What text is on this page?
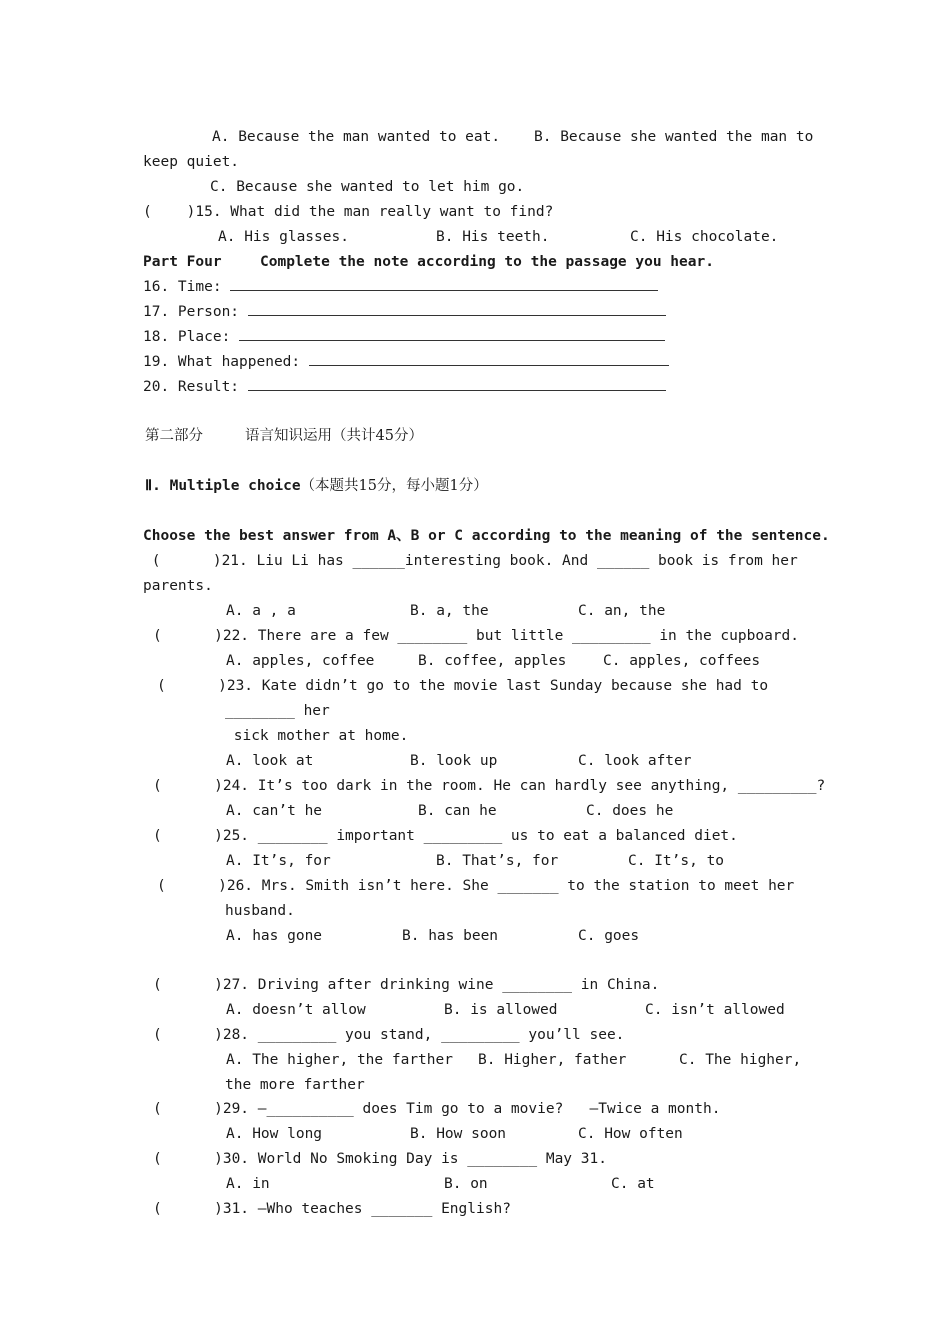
A. Because the man wanted to eat. B. Because she wanted the man to
keep quiet.
C. Because she wanted to let him go.
(    )15. What did the man really want to find?
A. His glasses.	B. His teeth.	C. His chocolate.
Part Four	Complete the note according to the passage you hear.
16. Time:
17. Person:
18. Place:
19. What happened:
20. Result:
第二部分	语言知识运用（共计45分）
Ⅱ. Multiple choice（本题共15分，每小题1分）
Choose the best answer from A、B or C according to the meaning of the sentence.
(      )21. Liu Li has ______interesting book. And ______ book is from her
parents.
A. a , a	B. a, the	C. an, the
(      )22. There are a few ________ but little _________ in the cupboard.
A. apples, coffee	B. coffee, apples	C. apples, coffees
(      )23. Kate didn’t go to the movie last Sunday because she had to
________ her
sick mother at home.
A. look at	B. look up	C. look after
(      )24. It’s too dark in the room. He can hardly see anything, _________?
A. can’t he	B. can he	C. does he
(      )25. ________ important _________ us to eat a balanced diet.
A. It’s, for	B. That’s, for	C. It’s, to
(      )26. Mrs. Smith isn’t here. She _______ to the station to meet her
husband.
A. has gone	B. has been	C. goes
(      )27. Driving after drinking wine ________ in China.
A. doesn’t allow	B. is allowed	C. isn’t allowed
(      )28. _________ you stand, _________ you’ll see.
A. The higher, the farther B. Higher, father	C. The higher,
the more farther
(      )29. —__________ does Tim go to a movie?   —Twice a month.
A. How long	B. How soon	C. How often
(      )30. World No Smoking Day is ________ May 31.
A. in	B. on	C. at
(      )31. —Who teaches _______ English?
